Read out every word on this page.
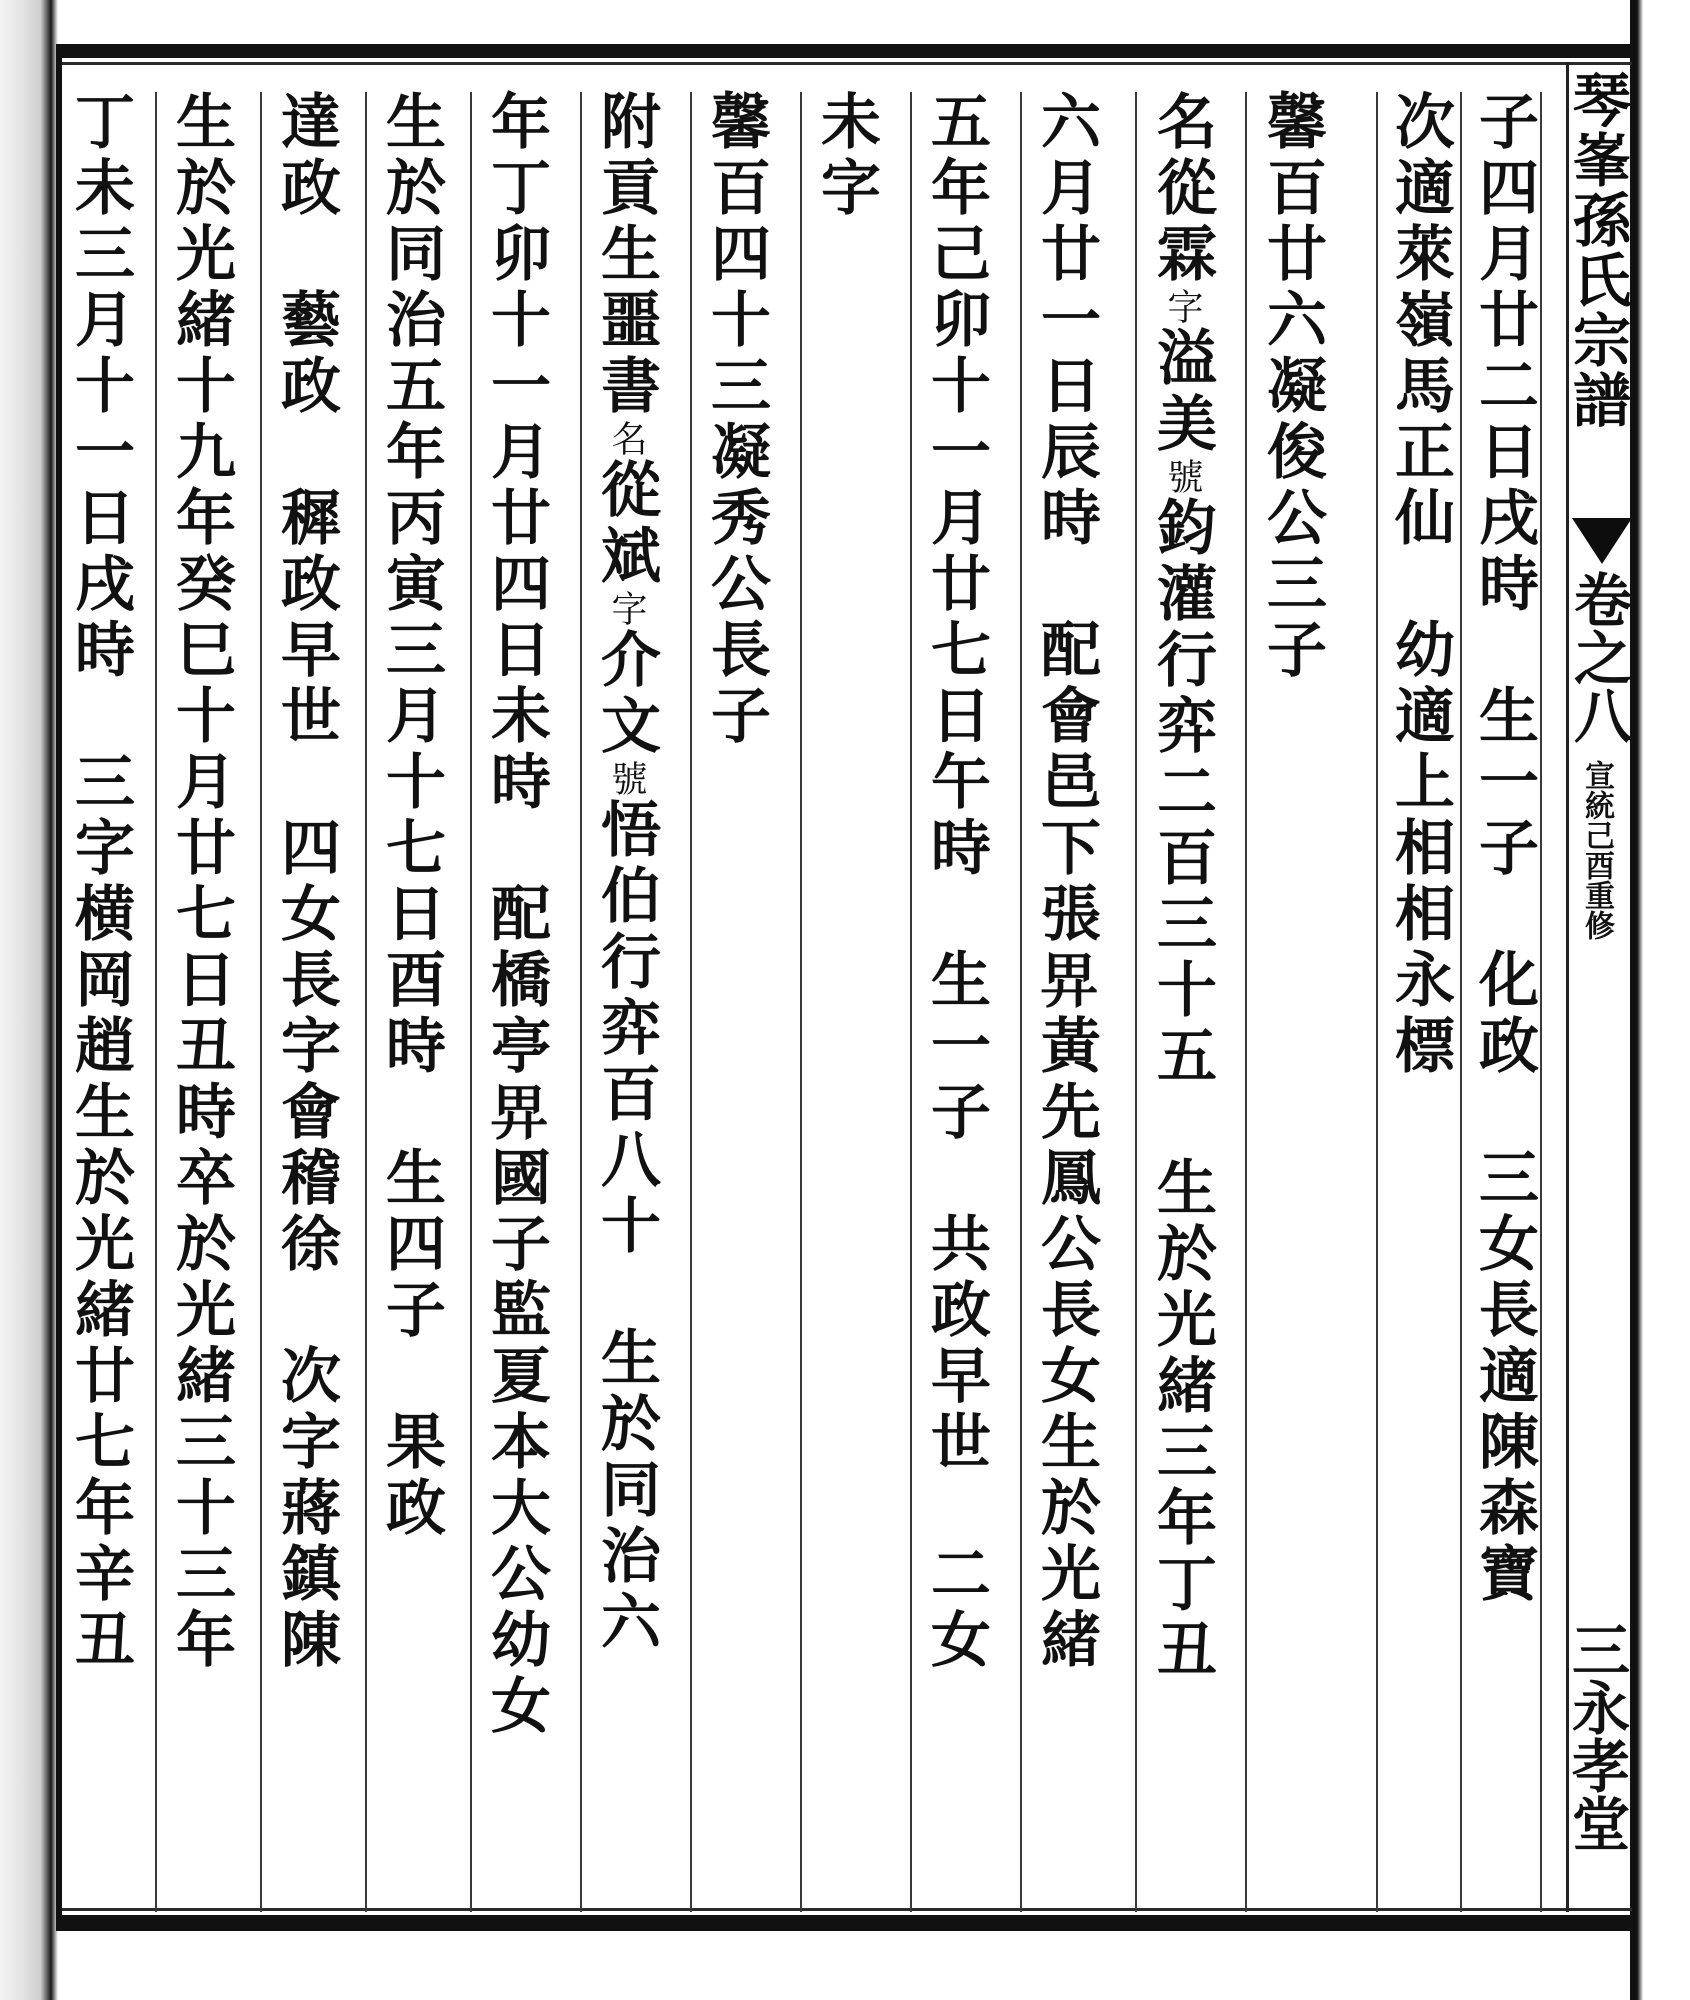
琴峯孫氏宗譜
卷之八
宣統己酉重修
三永孝堂
子四月廿二日戌時　生一子　化政　三女長適陳森寶
次適萊嶺馬正仙　幼適上相相永標
馨百廿六凝俊公三子
名從霖字溢美號鈞灌行弈二百三十五　生於光緒三年丁丑
六月廿一日辰時　配會邑下張𢌿黃先鳳公長女生於光緒
五年己卯十一月廿七日午時　生一子　共政早世　二女
未字
馨百四十三凝秀公長子
附貢生噩書名從斌字介文號悟伯行弈百八十　生於同治六
年丁卯十一月廿四日未時　配橋亭𢌿國子監夏本大公幼女
生於同治五年丙寅三月十七日酉時　生四子　果政
達政　藝政　穉政早世　四女長字會稽徐　次字蔣鎮陳
生於光緒十九年癸巳十月廿七日丑時卒於光緒三十三年
丁未三月十一日戌時　三字横岡趙生於光緒廿七年辛丑
